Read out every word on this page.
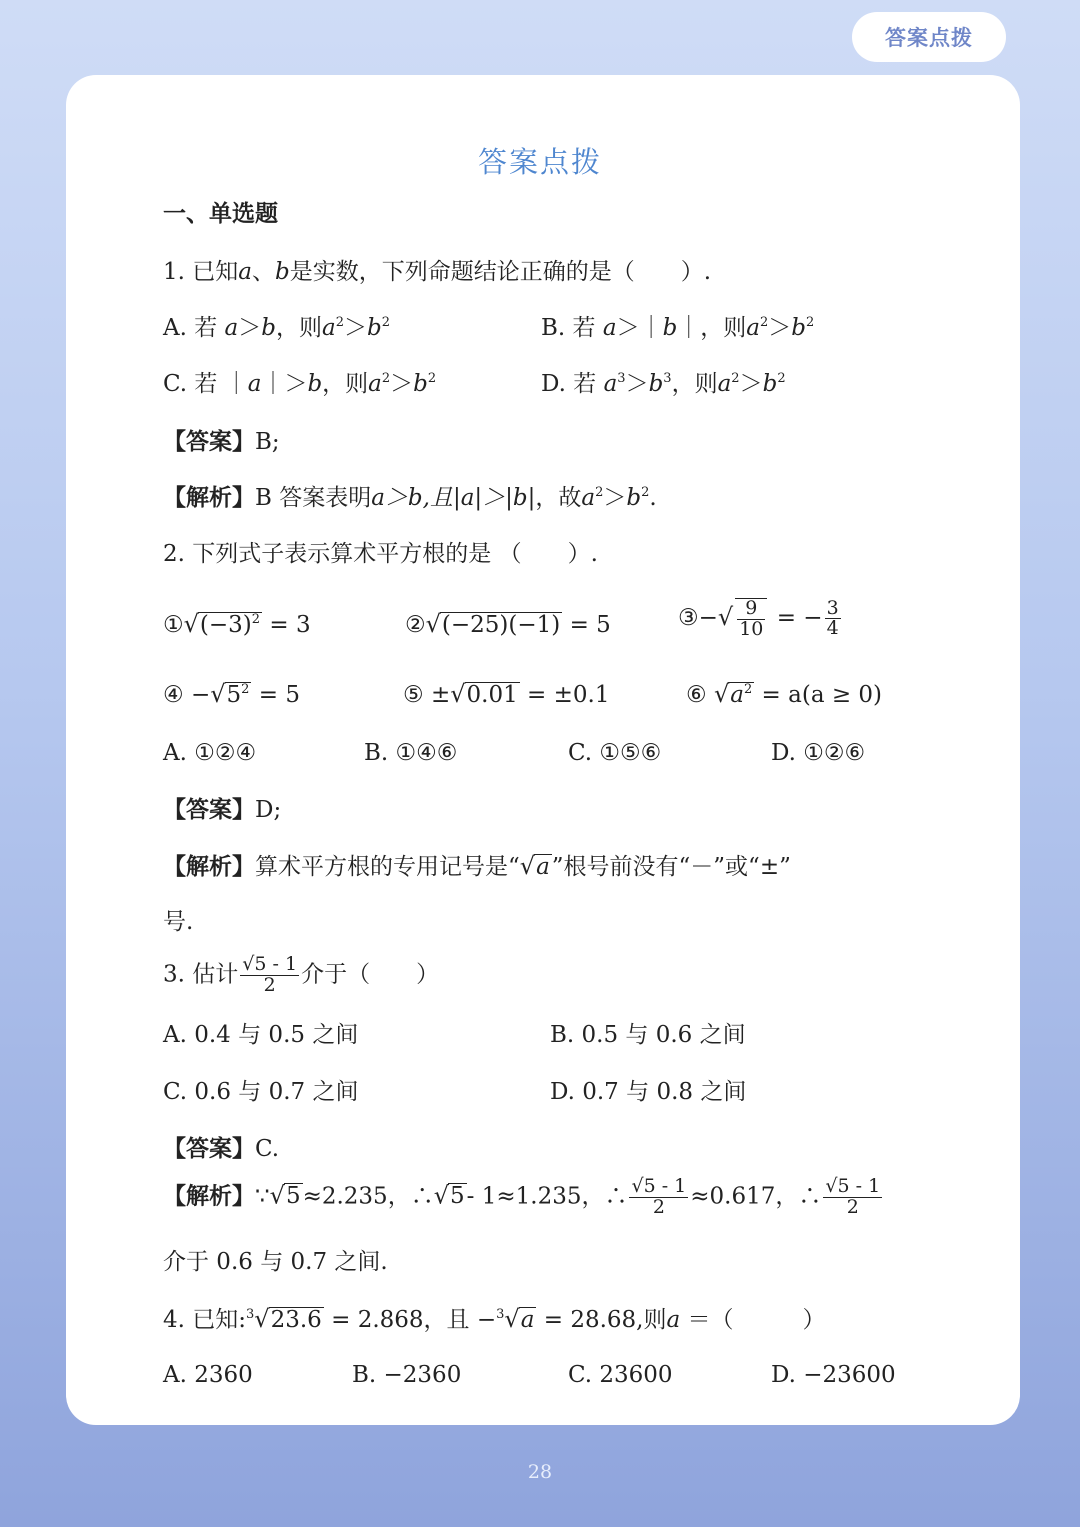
答案点拨
答案点拨
一、单选题
1. 已知a、b是实数，下列命题结论正确的是（　　）.
A. 若 a＞b，则$a^2>b^2$	B. 若 a＞｜b｜，则$a^2>b^2$
C. 若 ｜a｜＞b，则$a^2>b^2$	D. 若 $a^3>b^3$，则$a^2>b^2$
【答案】B;
【解析】B 答案表明a＞b,且|a|＞|b|，故$a^2>b^2$.
2. 下列式子表示算术平方根的是 （　　）.
$①√(-3)^2 = 3$	②√(−25)(−1) = 5	③−√ $\frac{9}{10}$ = − $\frac{3}{4}$
④ $-√5^2 = 5$	⑤ ±√0.01 = ±0.1	⑥ $√a^2 = a(a \ge 0)$
A. ①②④	B. ①④⑥	C. ①⑤⑥	D. ①②⑥
【答案】D;
【解析】算术平方根的专用记号是“√a”根号前没有“－”或“±”
号.
3. 估计 $\frac{√5 - 1}{2}$ 介于（　　）
A. 0.4 与 0.5 之间	B. 0.5 与 0.6 之间
C. 0.6 与 0.7 之间	D. 0.7 与 0.8 之间
【答案】C.
【解析】∵√5≈2.235，∴√5- 1≈1.235，∴ $\frac{√5 - 1}{2} \approx 0.617$，∴ $\frac{√5 - 1}{2}$
介于 0.6 与 0.7 之间.
4. 已知:$^3$√23.6 = 2.868，且 −$^3$√a = 28.68,则a ＝（　　　）
A. 2360	B. −2360	C. 23600	D. −23600
28
